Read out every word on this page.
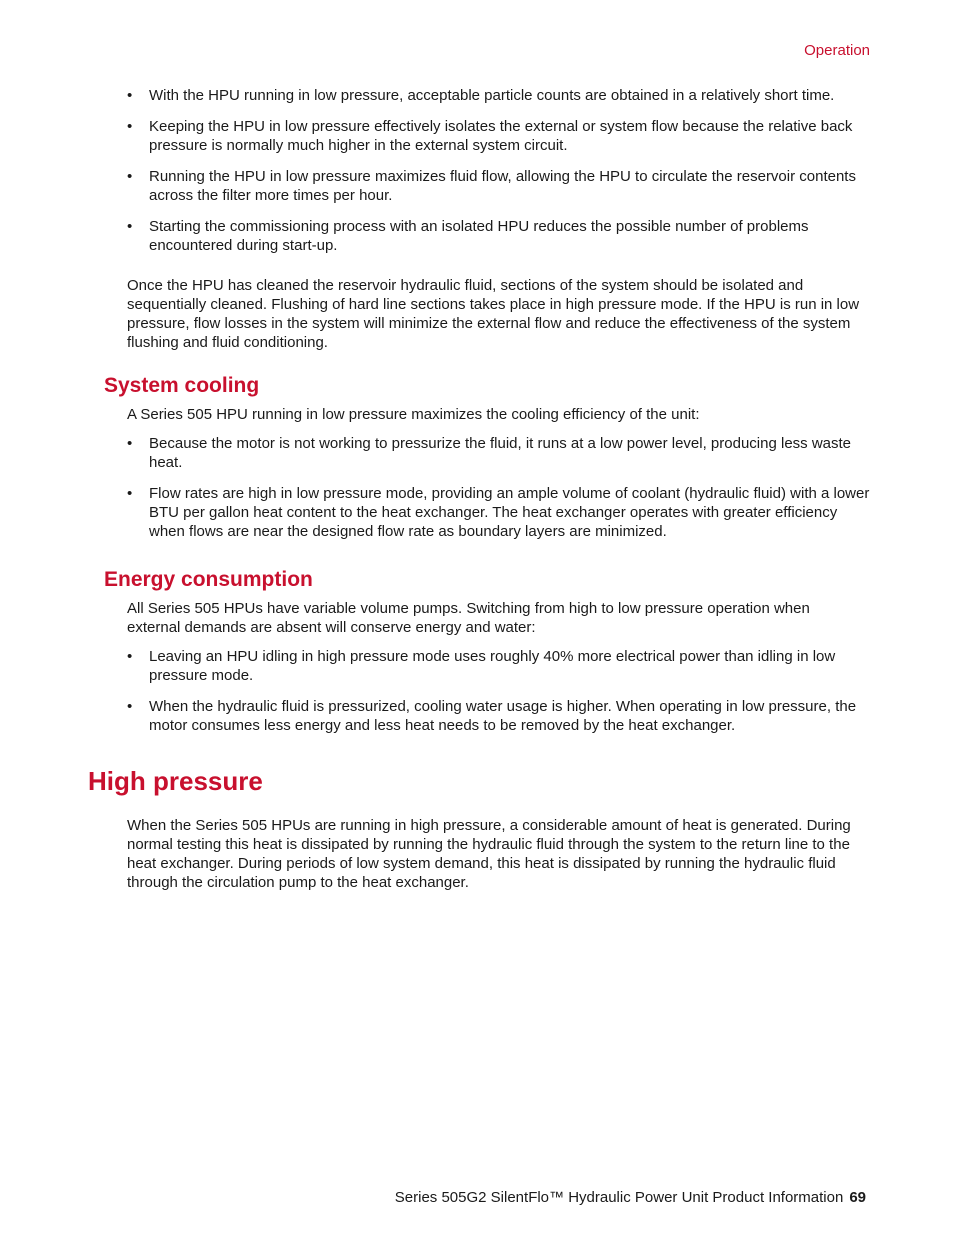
Operation
• With the HPU running in low pressure, acceptable particle counts are obtained in a relatively short time.
• Keeping the HPU in low pressure effectively isolates the external or system flow because the relative back pressure is normally much higher in the external system circuit.
• Running the HPU in low pressure maximizes fluid flow, allowing the HPU to circulate the reservoir contents across the filter more times per hour.
• Starting the commissioning process with an isolated HPU reduces the possible number of problems encountered during start-up.

Once the HPU has cleaned the reservoir hydraulic fluid, sections of the system should be isolated and sequentially cleaned. Flushing of hard line sections takes place in high pressure mode. If the HPU is run in low pressure, flow losses in the system will minimize the external flow and reduce the effectiveness of the system flushing and fluid conditioning.

System cooling

A Series 505 HPU running in low pressure maximizes the cooling efficiency of the unit:

• Because the motor is not working to pressurize the fluid, it runs at a low power level, producing less waste heat.
• Flow rates are high in low pressure mode, providing an ample volume of coolant (hydraulic fluid) with a lower BTU per gallon heat content to the heat exchanger. The heat exchanger operates with greater efficiency when flows are near the designed flow rate as boundary layers are minimized.
Energy consumption

All Series 505 HPUs have variable volume pumps. Switching from high to low pressure operation when external demands are absent will conserve energy and water:

• Leaving an HPU idling in high pressure mode uses roughly 40% more electrical power than idling in low pressure mode.
• When the hydraulic fluid is pressurized, cooling water usage is higher. When operating in low pressure, the motor consumes less energy and less heat needs to be removed by the heat exchanger.
High pressure

When the Series 505 HPUs are running in high pressure, a considerable amount of heat is generated. During normal testing this heat is dissipated by running the hydraulic fluid through the system to the return line to the heat exchanger. During periods of low system demand, this heat is dissipated by running the hydraulic fluid through the circulation pump to the heat exchanger.

Series 505G2 SilentFlo™ Hydraulic Power Unit Product Information 69
